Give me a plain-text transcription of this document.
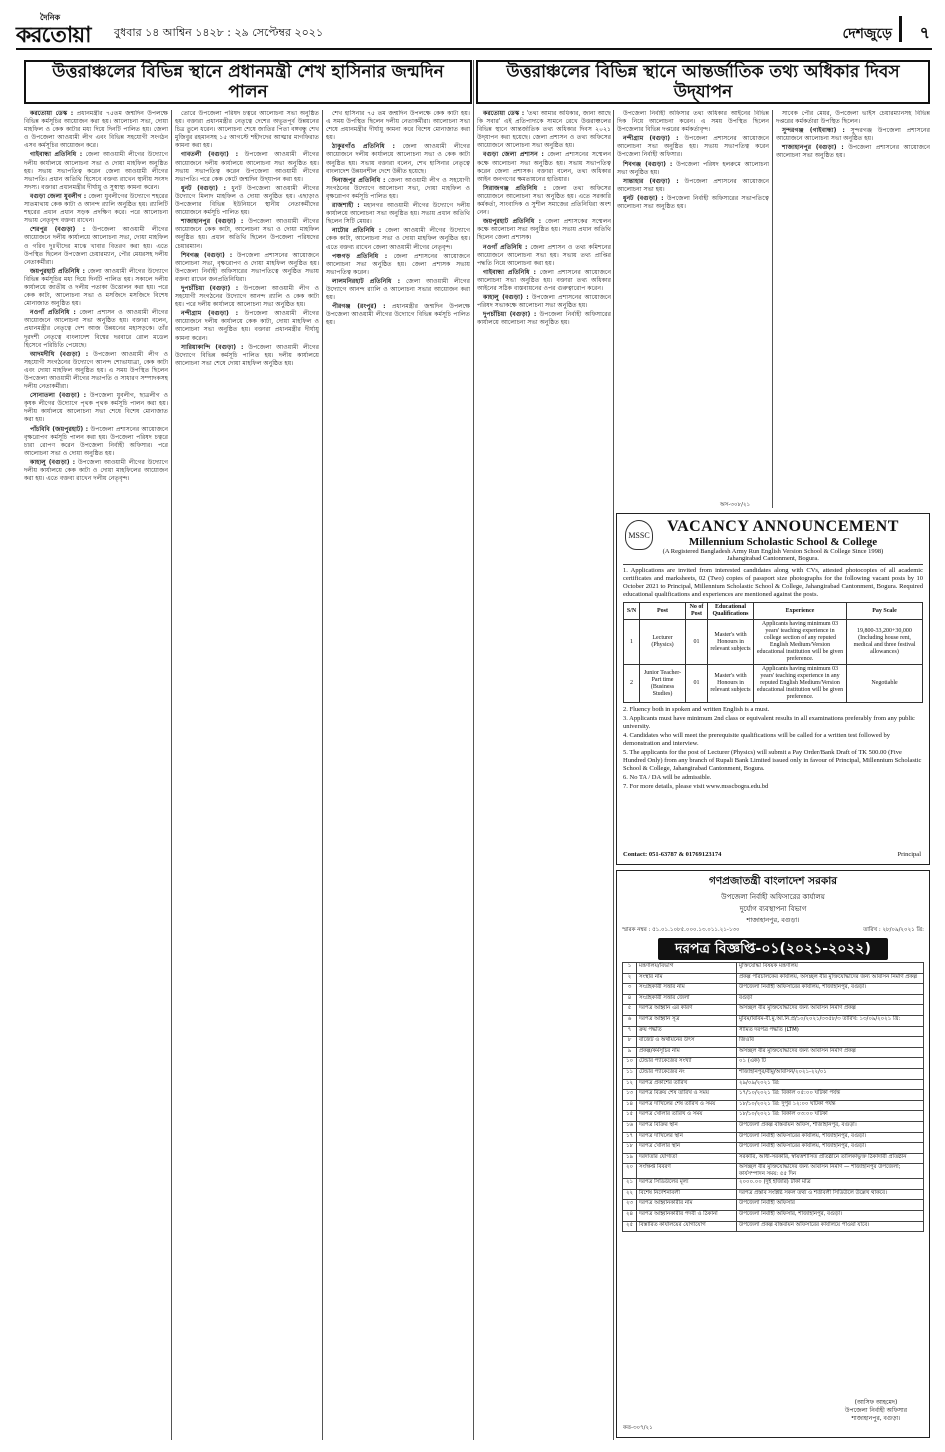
দৈনিক
করতোয়া বুধবার ১৪ আশ্বিন ১৪২৮ : ২৯ সেপ্টেম্বর ২০২১	দেশজুড়ে ৭
উত্তরাঞ্চলের বিভিন্ন স্থানে প্রধানমন্ত্রী শেখ হাসিনার জন্মদিন পালন
উত্তরাঞ্চলের বিভিন্ন স্থানে আন্তর্জাতিক তথ্য অধিকার দিবস উদ্‌যাপন

করতোয়া ডেস্ক : প্রধানমন্ত্রীর ৭৫তম জন্মদিন উপলক্ষে বিভিন্ন কর্মসূচির আয়োজন করা হয়। আলোচনা সভা, দোয়া মাহফিল ও কেক কাটার মধ্য দিয়ে দিনটি পালিত হয়। জেলা ও উপজেলা আওয়ামী লীগ এবং বিভিন্ন সহযোগী সংগঠন এসব কর্মসূচির আয়োজন করে।

গাইবান্ধা প্রতিনিধি : জেলা আওয়ামী লীগের উদ্যোগে দলীয় কার্যালয়ে আলোচনা সভা ও দোয়া মাহফিল অনুষ্ঠিত হয়। সভায় সভাপতিত্ব করেন জেলা আওয়ামী লীগের সভাপতি। প্রধান অতিথি হিসেবে বক্তব্য রাখেন স্থানীয় সংসদ সদস্য। বক্তারা প্রধানমন্ত্রীর দীর্ঘায়ু ও সুস্বাস্থ্য কামনা করেন।

বগুড়া জেলা যুবলীগ : জেলা যুবলীগের উদ্যোগে শহরের সাতমাথায় কেক কাটা ও আনন্দ র‌্যালি অনুষ্ঠিত হয়। র‌্যালিটি শহরের প্রধান প্রধান সড়ক প্রদক্ষিণ করে। পরে আলোচনা সভায় নেতৃবৃন্দ বক্তব্য রাখেন।

শেরপুর (বগুড়া) : উপজেলা আওয়ামী লীগের আয়োজনে দলীয় কার্যালয়ে আলোচনা সভা, দোয়া মাহফিল ও গরিব দুঃখীদের মাঝে খাবার বিতরণ করা হয়। এতে উপস্থিত ছিলেন উপজেলা চেয়ারম্যান, পৌর মেয়রসহ দলীয় নেতাকর্মীরা।

জয়পুরহাট প্রতিনিধি : জেলা আওয়ামী লীগের উদ্যোগে বিভিন্ন কর্মসূচির মধ্য দিয়ে দিনটি পালিত হয়। সকালে দলীয় কার্যালয়ে জাতীয় ও দলীয় পতাকা উত্তোলন করা হয়। পরে কেক কাটা, আলোচনা সভা ও মসজিদে মসজিদে বিশেষ মোনাজাত অনুষ্ঠিত হয়।

নওগাঁ প্রতিনিধি : জেলা প্রশাসন ও আওয়ামী লীগের আয়োজনে আলোচনা সভা অনুষ্ঠিত হয়। বক্তারা বলেন, প্রধানমন্ত্রীর নেতৃত্বে দেশ আজ উন্নয়নের মহাসড়কে। তাঁর দূরদর্শী নেতৃত্বে বাংলাদেশ বিশ্বের দরবারে রোল মডেল হিসেবে পরিচিতি পেয়েছে।

আদমদীঘি (বগুড়া) : উপজেলা আওয়ামী লীগ ও সহযোগী সংগঠনের উদ্যোগে আনন্দ শোভাযাত্রা, কেক কাটা এবং দোয়া মাহফিল অনুষ্ঠিত হয়। এ সময় উপস্থিত ছিলেন উপজেলা আওয়ামী লীগের সভাপতি ও সাধারণ সম্পাদকসহ দলীয় নেতাকর্মীরা।

সোনাতলা (বগুড়া) : উপজেলা যুবলীগ, ছাত্রলীগ ও কৃষক লীগের উদ্যোগে পৃথক পৃথক কর্মসূচি পালন করা হয়। দলীয় কার্যালয়ে আলোচনা সভা শেষে বিশেষ মোনাজাত করা হয়।

পাঁচবিবি (জয়পুরহাট) : উপজেলা প্রশাসনের আয়োজনে বৃক্ষরোপণ কর্মসূচি পালন করা হয়। উপজেলা পরিষদ চত্বরে চারা রোপণ করেন উপজেলা নির্বাহী অফিসার। পরে আলোচনা সভা ও দোয়া অনুষ্ঠিত হয়।

কাহালু (বগুড়া) : উপজেলা আওয়ামী লীগের উদ্যোগে দলীয় কার্যালয়ে কেক কাটা ও দোয়া মাহফিলের আয়োজন করা হয়। এতে বক্তব্য রাখেন দলীয় নেতৃবৃন্দ।

তোরে উপজেলা পরিষদ চত্বরে আলোচনা সভা অনুষ্ঠিত হয়। বক্তারা প্রধানমন্ত্রীর নেতৃত্বে দেশের অভূতপূর্ব উন্নয়নের চিত্র তুলে ধরেন। আলোচনা শেষে জাতির পিতা বঙ্গবন্ধু শেখ মুজিবুর রহমানসহ ১৫ আগস্টে শহীদদের আত্মার মাগফিরাত কামনা করা হয়।

গাবতলী (বগুড়া) : উপজেলা আওয়ামী লীগের আয়োজনে দলীয় কার্যালয়ে আলোচনা সভা অনুষ্ঠিত হয়। সভায় সভাপতিত্ব করেন উপজেলা আওয়ামী লীগের সভাপতি। পরে কেক কেটে জন্মদিন উদ্‌যাপন করা হয়।

ধুনট (বগুড়া) : ধুনট উপজেলা আওয়ামী লীগের উদ্যোগে মিলাদ মাহফিল ও দোয়া অনুষ্ঠিত হয়। এছাড়াও উপজেলার বিভিন্ন ইউনিয়নে স্থানীয় নেতাকর্মীদের আয়োজনে কর্মসূচি পালিত হয়।

শাজাহানপুর (বগুড়া) : উপজেলা আওয়ামী লীগের আয়োজনে কেক কাটা, আলোচনা সভা ও দোয়া মাহফিল অনুষ্ঠিত হয়। প্রধান অতিথি ছিলেন উপজেলা পরিষদের চেয়ারম্যান।

শিবগঞ্জ (বগুড়া) : উপজেলা প্রশাসনের আয়োজনে আলোচনা সভা, বৃক্ষরোপণ ও দোয়া মাহফিল অনুষ্ঠিত হয়। উপজেলা নির্বাহী অফিসারের সভাপতিত্বে অনুষ্ঠিত সভায় বক্তব্য রাখেন জনপ্রতিনিধিরা।

দুপচাঁচিয়া (বগুড়া) : উপজেলা আওয়ামী লীগ ও সহযোগী সংগঠনের উদ্যোগে আনন্দ র‌্যালি ও কেক কাটা হয়। পরে দলীয় কার্যালয়ে আলোচনা সভা অনুষ্ঠিত হয়।

নন্দীগ্রাম (বগুড়া) : উপজেলা আওয়ামী লীগের আয়োজনে দলীয় কার্যালয়ে কেক কাটা, দোয়া মাহফিল ও আলোচনা সভা অনুষ্ঠিত হয়। বক্তারা প্রধানমন্ত্রীর দীর্ঘায়ু কামনা করেন।

সারিয়াকান্দি (বগুড়া) : উপজেলা আওয়ামী লীগের উদ্যোগে বিভিন্ন কর্মসূচি পালিত হয়। দলীয় কার্যালয়ে আলোচনা সভা শেষে দোয়া মাহফিল অনুষ্ঠিত হয়।

শেখ হাসিনার ৭৫ তম জন্মদিন উপলক্ষে কেক কাটা হয়। এ সময় উপস্থিত ছিলেন দলীয় নেতাকর্মীরা। আলোচনা সভা শেষে প্রধানমন্ত্রীর দীর্ঘায়ু কামনা করে বিশেষ মোনাজাত করা হয়।

ঠাকুরগাঁও প্রতিনিধি : জেলা আওয়ামী লীগের আয়োজনে দলীয় কার্যালয়ে আলোচনা সভা ও কেক কাটা অনুষ্ঠিত হয়। সভায় বক্তারা বলেন, শেখ হাসিনার নেতৃত্বে বাংলাদেশ উন্নয়নশীল দেশে উন্নীত হয়েছে।

দিনাজপুর প্রতিনিধি : জেলা আওয়ামী লীগ ও সহযোগী সংগঠনের উদ্যোগে আলোচনা সভা, দোয়া মাহফিল ও বৃক্ষরোপণ কর্মসূচি পালিত হয়।

রাজশাহী : মহানগর আওয়ামী লীগের উদ্যোগে দলীয় কার্যালয়ে আলোচনা সভা অনুষ্ঠিত হয়। সভায় প্রধান অতিথি ছিলেন সিটি মেয়র।

নাটোর প্রতিনিধি : জেলা আওয়ামী লীগের উদ্যোগে কেক কাটা, আলোচনা সভা ও দোয়া মাহফিল অনুষ্ঠিত হয়। এতে বক্তব্য রাখেন জেলা আওয়ামী লীগের নেতৃবৃন্দ।

পঞ্চগড় প্রতিনিধি : জেলা প্রশাসনের আয়োজনে আলোচনা সভা অনুষ্ঠিত হয়। জেলা প্রশাসক সভায় সভাপতিত্ব করেন।

লালমনিরহাট প্রতিনিধি : জেলা আওয়ামী লীগের উদ্যোগে আনন্দ র‌্যালি ও আলোচনা সভার আয়োজন করা হয়।

পীরগঞ্জ (রংপুর) : প্রধানমন্ত্রীর জন্মদিন উপলক্ষে উপজেলা আওয়ামী লীগের উদ্যোগে বিভিন্ন কর্মসূচি পালিত হয়।

করতোয়া ডেস্ক : 'তথ্য আমার অধিকার, জানা আছে কি সবার' এই প্রতিপাদ্যকে সামনে রেখে উত্তরাঞ্চলের বিভিন্ন স্থানে আন্তর্জাতিক তথ্য অধিকার দিবস ২০২১ উদ্‌যাপন করা হয়েছে। জেলা প্রশাসন ও তথ্য অফিসের আয়োজনে আলোচনা সভা অনুষ্ঠিত হয়।

বগুড়া জেলা প্রশাসন : জেলা প্রশাসনের সম্মেলন কক্ষে আলোচনা সভা অনুষ্ঠিত হয়। সভায় সভাপতিত্ব করেন জেলা প্রশাসক। বক্তারা বলেন, তথ্য অধিকার আইন জনগণের ক্ষমতায়নের হাতিয়ার।

সিরাজগঞ্জ প্রতিনিধি : জেলা তথ্য অফিসের আয়োজনে আলোচনা সভা অনুষ্ঠিত হয়। এতে সরকারি কর্মকর্তা, সাংবাদিক ও সুশীল সমাজের প্রতিনিধিরা অংশ নেন।

জয়পুরহাট প্রতিনিধি : জেলা প্রশাসকের সম্মেলন কক্ষে আলোচনা সভা অনুষ্ঠিত হয়। সভায় প্রধান অতিথি ছিলেন জেলা প্রশাসক।

নওগাঁ প্রতিনিধি : জেলা প্রশাসন ও তথ্য কমিশনের আয়োজনে আলোচনা সভা হয়। সভায় তথ্য প্রাপ্তির পদ্ধতি নিয়ে আলোচনা করা হয়।

গাইবান্ধা প্রতিনিধি : জেলা প্রশাসনের আয়োজনে আলোচনা সভা অনুষ্ঠিত হয়। বক্তারা তথ্য অধিকার আইনের সঠিক বাস্তবায়নের ওপর গুরুত্বারোপ করেন।

কাহালু (বগুড়া) : উপজেলা প্রশাসনের আয়োজনে পরিষদ সভাকক্ষে আলোচনা সভা অনুষ্ঠিত হয়।

দুপচাঁচিয়া (বগুড়া) : উপজেলা নির্বাহী অফিসারের কার্যালয়ে আলোচনা সভা অনুষ্ঠিত হয়।

উপজেলা নির্বাহী অফিসার তথ্য অধিকার আইনের বিভিন্ন দিক নিয়ে আলোচনা করেন। এ সময় উপস্থিত ছিলেন উপজেলার বিভিন্ন দপ্তরের কর্মকর্তাবৃন্দ।

নন্দীগ্রাম (বগুড়া) : উপজেলা প্রশাসনের আয়োজনে আলোচনা সভা অনুষ্ঠিত হয়। সভায় সভাপতিত্ব করেন উপজেলা নির্বাহী অফিসার।

শিবগঞ্জ (বগুড়া) : উপজেলা পরিষদ হলরুমে আলোচনা সভা অনুষ্ঠিত হয়।

সান্তাহার (বগুড়া) : উপজেলা প্রশাসনের আয়োজনে আলোচনা সভা হয়।

ধুনট (বগুড়া) : উপজেলা নির্বাহী অফিসারের সভাপতিত্বে আলোচনা সভা অনুষ্ঠিত হয়।

সাবেক পৌর মেয়র, উপজেলা ভাইস চেয়ারম্যানসহ বিভিন্ন দপ্তরের কর্মকর্তারা উপস্থিত ছিলেন।

সুন্দরগঞ্জ (গাইবান্ধা) : সুন্দরগঞ্জ উপজেলা প্রশাসনের আয়োজনে আলোচনা সভা অনুষ্ঠিত হয়।

শাজাহানপুর (বগুড়া) : উপজেলা প্রশাসনের আয়োজনে আলোচনা সভা অনুষ্ঠিত হয়।

MSSC	VACANCY ANNOUNCEMENT
Millennium Scholastic School & College
(A Registered Bangladesh Army Run English Version School & College Since 1998)
Jahangirabad Cantonment, Bogura.
1. Applications are invited from interested candidates along with CVs, attested photocopies of all academic certificates and marksheets, 02 (Two) copies of passport size photographs for the following vacant posts by 10 October 2021 to Principal, Millennium Scholastic School & College, Jahangirabad Cantonment, Bogura. Required educational qualifications and experiences are mentioned against the posts.
S/N	Post	No of Post	Educational Qualifications	Experience	Pay Scale
1	Lecturer (Physics)	01	Master's with Honours in relevant subjects	Applicants having minimum 03 years' teaching experience in college section of any reputed English Medium/Version educational institution will be given preference.	19,800-33,200+30,000 (Including house rent, medical and three festival allowances)
2	Junior Teacher-Part time (Business Studies)	01	Master's with Honours in relevant subjects	Applicants having minimum 03 years' teaching experience in any reputed English Medium/Version educational institution will be given preference.	Negotiable
2. Fluency both in spoken and written English is a must.
3. Applicants must have minimum 2nd class or equivalent results in all examinations preferably from any public university.
4. Candidates who will meet the prerequisite qualifications will be called for a written test followed by demonstration and interview.
5. The applicants for the post of Lecturer (Physics) will submit a Pay Order/Bank Draft of TK 500.00 (Five Hundred Only) from any branch of Rupali Bank Limited issued only in favour of Principal, Millennium Scholastic School & College, Jahangirabad Cantonment, Bogura.
6. No TA / DA will be admissible.
7. For more details, please visit www.msscbogra.edu.bd
Contact: 051-63787 & 01769123174	Principal
অস-৩০৮/২১
গণপ্রজাতন্ত্রী বাংলাদেশ সরকার
উপজেলা নির্বাহী অফিসারের কার্যালয়
দুর্যোগ ব্যবস্থাপনা বিভাগ
শাজাহানপুর, বগুড়া।
স্মারক নম্বর : ৫১.০১.১০৮৫.০০০.১৩.০১১.২১-১৩০	তারিখ : ২৮/০৯/২০২১ খ্রি:
দরপত্র বিজ্ঞপ্তি-০১(২০২১-২০২২)
১	মন্ত্রণালয়/বিভাগ	মুক্তিযোদ্ধা বিষয়ক মন্ত্রণালয়
২	সংস্থার নাম	প্রকল্প পরিচালকের কার্যালয়, অসচ্ছল বীর মুক্তিযোদ্ধাদের জন্য আবাসন নির্মাণ প্রকল্প
৩	সংগ্রহকারী সত্তার নাম	উপজেলা নির্বাহী অফিসারের কার্যালয়, শাজাহানপুর, বগুড়া।
৪	সংগ্রহকারী সত্তার জেলা	বগুড়া
৫	দরপত্র আহ্বান এর কারণ	অসচ্ছল বীর মুক্তিযোদ্ধাদের জন্য আবাসন নির্মাণ প্রকল্প
৬	দরপত্র আহ্বান সূত্র	মুবিম/বিবিম-বী.মু.আ.নি.প্র/১০/২০২১/৩৩৫৮/৩ তারিখ: ১৩/০৯/২০২১ খ্রি:
৭	ক্রয় পদ্ধতি	সীমিত দরপত্র পদ্ধতি (LTM)
৮	বাজেট ও অর্থায়নের উৎস	জিওবি
৯	প্রকল্প/কর্মসূচির নাম	অসচ্ছল বীর মুক্তিযোদ্ধাদের জন্য আবাসন নির্মাণ প্রকল্প
১০	টেন্ডার প্যাকেজের সংখ্যা	০১ (এক) টি
১১	টেন্ডার প্যাকেজের নং	শাজাহানপুর/বীমু/আবাসন/২০২১-২২/০১
১২	দরপত্র প্রকাশের তারিখ	২৯/০৯/২০২১ খ্রি:
১৩	দরপত্র বিক্রয় শেষ তারিখ ও সময়	১৭/১০/২০২১ খ্রি: বিকাল ০৫:০০ ঘটিকা পর্যন্ত
১৪	দরপত্র দাখিলের শেষ তারিখ ও সময়	১৮/১০/২০২১ খ্রি: দুপুর ১২:০০ ঘটিকা পর্যন্ত
১৫	দরপত্র খোলার তারিখ ও সময়	১৮/১০/২০২১ খ্রি: বিকাল ০৩:০০ ঘটিকা
১৬	দরপত্র বিক্রির স্থান	উপজেলা প্রকল্প বাস্তবায়ন অফিস, শাজাহানপুর, বগুড়া।
১৭	দরপত্র দাখিলের স্থান	উপজেলা নির্বাহী অফিসারের কার্যালয়, শাজাহানপুর, বগুড়া।
১৮	দরপত্র খোলার স্থান	উপজেলা নির্বাহী অফিসারের কার্যালয়, শাজাহানপুর, বগুড়া।
১৯	দরদাতার যোগ্যতা	সরকারি, আধা-সরকারি, স্বায়ত্তশাসিত প্রতিষ্ঠানে তালিকাভুক্ত ঠিকাদারী প্রতিষ্ঠান
২০	সংক্ষিপ্ত বিবরণ	অসচ্ছল বীর মুক্তিযোদ্ধাদের জন্য আবাসন নির্মাণ — শাজাহানপুর উপজেলা; কার্যসম্পাদন সময়: ৫৫ দিন
২১	দরপত্র সিডিউলের মূল্য	২০০০.০০ (দুই হাজার) টাকা মাত্র
২২	বিশেষ নির্দেশনাবলী	দরপত্র প্রস্তাব সংশ্লিষ্ট সকল তথ্য ও শর্তাবলী সিডিউলে উল্লেখ থাকবে।
২৩	দরপত্র আহ্বানকারীর নাম	উপজেলা নির্বাহী অফিসার
২৪	দরপত্র আহ্বানকারীর পদবী ও ঠিকানা	উপজেলা নির্বাহী অফিসার, শাজাহানপুর, বগুড়া।
২৫	বিস্তারিত কার্যালয়ের যোগাযোগ	উপজেলা প্রকল্প বাস্তবায়ন অফিসারের কার্যালয়ে পাওয়া যাবে।
(আসিফ আহমেদ)
উপজেলা নির্বাহী অফিসার
শাজাহানপুর, বগুড়া।
কত-৩০৭/২১
